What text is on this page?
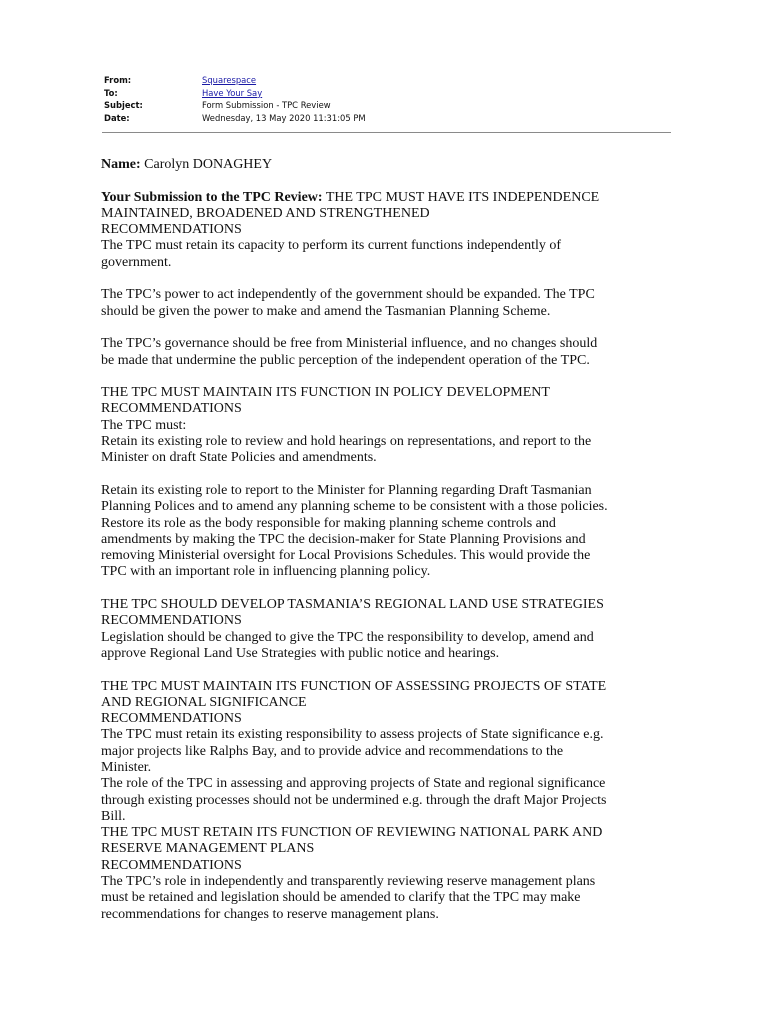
From:	Squarespace
To:	Have Your Say
Subject:	Form Submission - TPC Review
Date:	Wednesday, 13 May 2020 11:31:05 PM

Name: Carolyn DONAGHEY

Your Submission to the TPC Review: THE TPC MUST HAVE ITS INDEPENDENCE

MAINTAINED, BROADENED AND STRENGTHENED

RECOMMENDATIONS

The TPC must retain its capacity to perform its current functions independently of

government.

The TPC’s power to act independently of the government should be expanded. The TPC

should be given the power to make and amend the Tasmanian Planning Scheme.

The TPC’s governance should be free from Ministerial influence, and no changes should

be made that undermine the public perception of the independent operation of the TPC.

THE TPC MUST MAINTAIN ITS FUNCTION IN POLICY DEVELOPMENT

RECOMMENDATIONS

The TPC must:

Retain its existing role to review and hold hearings on representations, and report to the

Minister on draft State Policies and amendments.

Retain its existing role to report to the Minister for Planning regarding Draft Tasmanian

Planning Polices and to amend any planning scheme to be consistent with a those policies.

Restore its role as the body responsible for making planning scheme controls and

amendments by making the TPC the decision-maker for State Planning Provisions and

removing Ministerial oversight for Local Provisions Schedules. This would provide the

TPC with an important role in influencing planning policy.

THE TPC SHOULD DEVELOP TASMANIA’S REGIONAL LAND USE STRATEGIES

RECOMMENDATIONS

Legislation should be changed to give the TPC the responsibility to develop, amend and

approve Regional Land Use Strategies with public notice and hearings.

THE TPC MUST MAINTAIN ITS FUNCTION OF ASSESSING PROJECTS OF STATE

AND REGIONAL SIGNIFICANCE

RECOMMENDATIONS

The TPC must retain its existing responsibility to assess projects of State significance e.g.

major projects like Ralphs Bay, and to provide advice and recommendations to the

Minister.

The role of the TPC in assessing and approving projects of State and regional significance

through existing processes should not be undermined e.g. through the draft Major Projects

Bill.

THE TPC MUST RETAIN ITS FUNCTION OF REVIEWING NATIONAL PARK AND

RESERVE MANAGEMENT PLANS

RECOMMENDATIONS

The TPC’s role in independently and transparently reviewing reserve management plans

must be retained and legislation should be amended to clarify that the TPC may make

recommendations for changes to reserve management plans.
